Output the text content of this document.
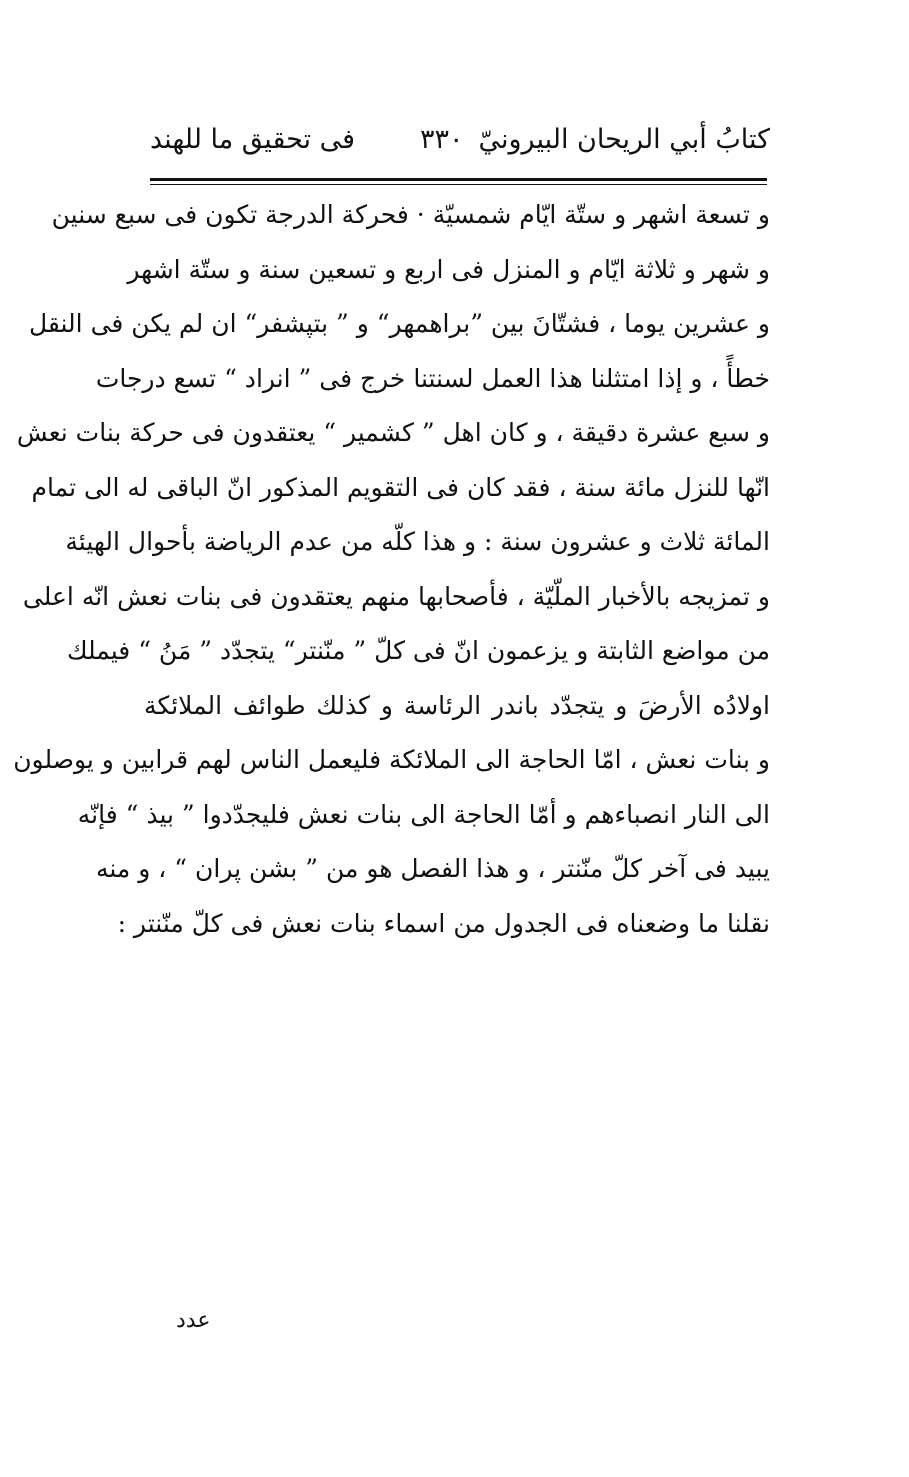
كتابُ أبي الريحان البيرونيّ
٣٣٠
فی تحقيق ما للهند
و تسعة اشهر و ستّة ايّام شمسيّة · فحركة الدرجة تكون فى سبع سنين
و شهر و ثلاثة ايّام و المنزل فى اربع و تسعين سنة و ستّة اشهر
و عشرين يوما ، فشتّانَ بين ”براهمهر“ و ” بتپشفر“ ان لم يكن فى النقل
خطأً ، و إذا امتثلنا هذا العمل لسنتنا خرج فى ” انراد “ تسع درجات
و سبع عشرة دقيقة ، و كان اهل ” كشمير “ يعتقدون فى حركة بنات نعش
انّها للنزل مائة سنة ، فقد كان فى التقويم المذكور انّ الباقى له الى تمام
المائة ثلاث و عشرون سنة : و هذا كلّه من عدم الرياضة بأحوال الهيئة
و تمزيجه بالأخبار الملّيّة ، فأصحابها منهم يعتقدون فى بنات نعش انّه اعلى
من مواضع الثابتة و يزعمون انّ فى كلّ ” منّنتر“ يتجدّد ” مَنُ “ فيملك
اولادُه الأرضَ و يتجدّد باندر الرئاسة و كذلك طوائف الملائكة
و بنات نعش ، امّا الحاجة الى الملائكة فليعمل الناس لهم قرابين و يوصلون
الى النار انصباءهم و أمّا الحاجة الى بنات نعش فليجدّدوا ” بيذ “ فإنّه
يبيد فى آخر كلّ منّنتر ، و هذا الفصل هو من ” بشن پران “ ، و منه
نقلنا ما وضعناه فى الجدول من اسماء بنات نعش فى كلّ منّنتر :
عدد
